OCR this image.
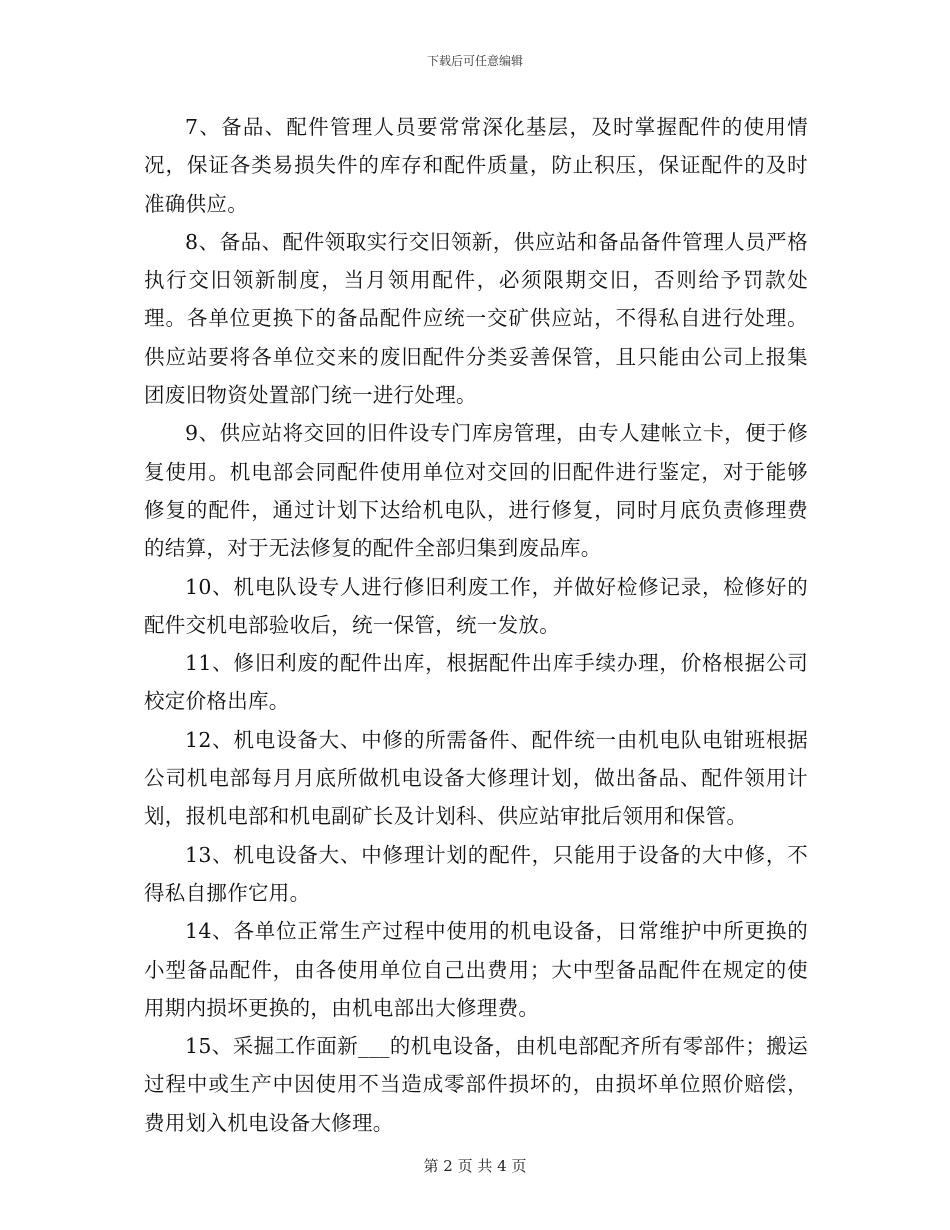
下载后可任意编辑

7、备品、配件管理人员要常常深化基层，及时掌握配件的使用情况，保证各类易损失件的库存和配件质量，防止积压，保证配件的及时准确供应。

8、备品、配件领取实行交旧领新，供应站和备品备件管理人员严格执行交旧领新制度，当月领用配件，必须限期交旧，否则给予罚款处理。各单位更换下的备品配件应统一交矿供应站，不得私自进行处理。供应站要将各单位交来的废旧配件分类妥善保管，且只能由公司上报集团废旧物资处置部门统一进行处理。

9、供应站将交回的旧件设专门库房管理，由专人建帐立卡，便于修复使用。机电部会同配件使用单位对交回的旧配件进行鉴定，对于能够修复的配件，通过计划下达给机电队，进行修复，同时月底负责修理费的结算，对于无法修复的配件全部归集到废品库。

10、机电队设专人进行修旧利废工作，并做好检修记录，检修好的配件交机电部验收后，统一保管，统一发放。

11、修旧利废的配件出库，根据配件出库手续办理，价格根据公司校定价格出库。

12、机电设备大、中修的所需备件、配件统一由机电队电钳班根据公司机电部每月月底所做机电设备大修理计划，做出备品、配件领用计划，报机电部和机电副矿长及计划科、供应站审批后领用和保管。

13、机电设备大、中修理计划的配件，只能用于设备的大中修，不得私自挪作它用。

14、各单位正常生产过程中使用的机电设备，日常维护中所更换的小型备品配件，由各使用单位自己出费用；大中型备品配件在规定的使用期内损坏更换的，由机电部出大修理费。

15、采掘工作面新___的机电设备，由机电部配齐所有零部件；搬运过程中或生产中因使用不当造成零部件损坏的，由损坏单位照价赔偿，费用划入机电设备大修理。

第 2 页 共 4 页
